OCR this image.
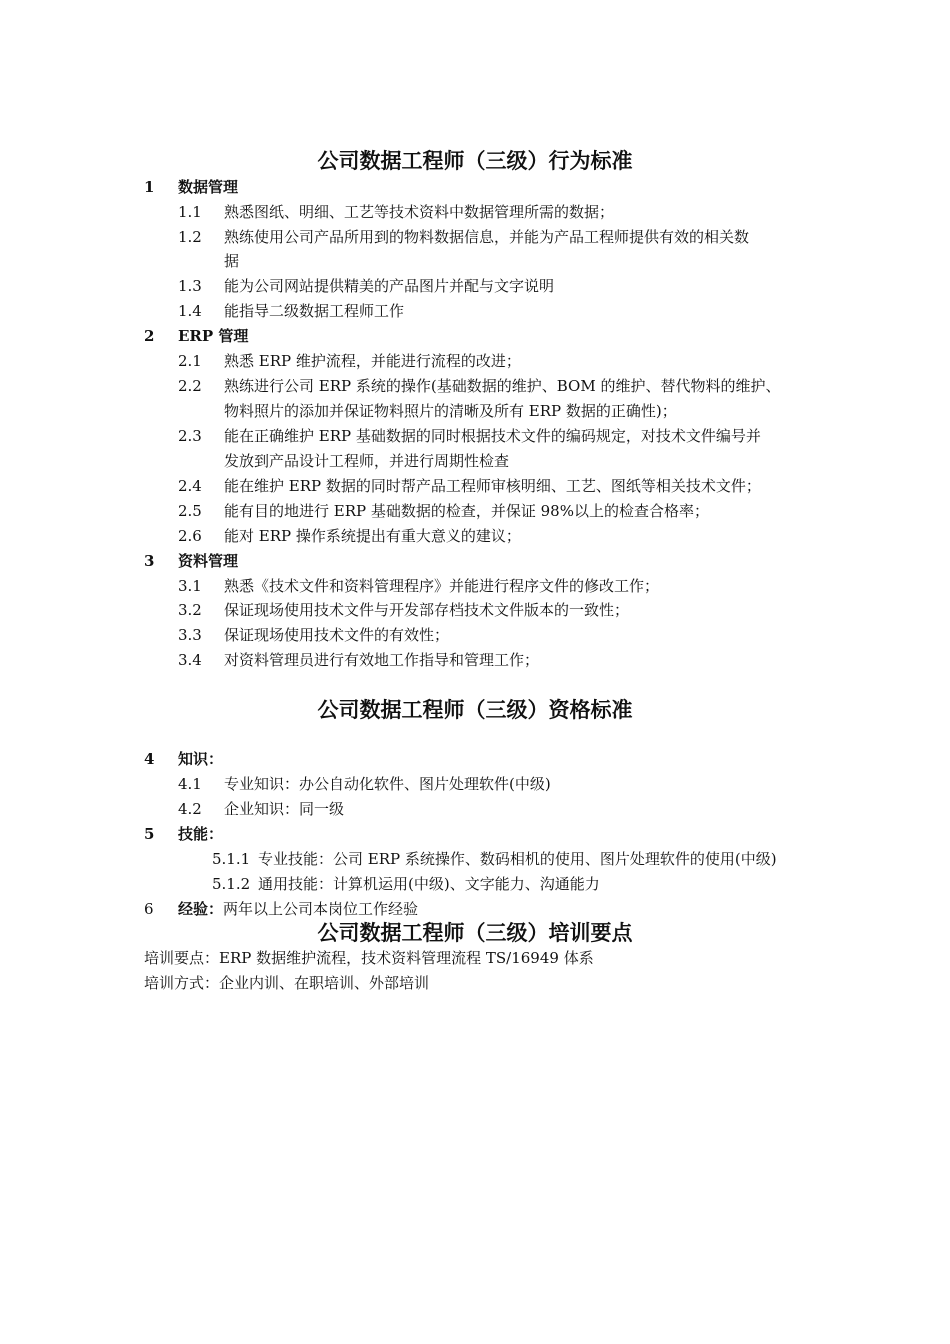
公司数据工程师（三级）行为标准
1 数据管理
1.1 熟悉图纸、明细、工艺等技术资料中数据管理所需的数据；
1.2 熟练使用公司产品所用到的物料数据信息，并能为产品工程师提供有效的相关数
据
1.3 能为公司网站提供精美的产品图片并配与文字说明
1.4 能指导二级数据工程师工作
2 ERP 管理
2.1 熟悉 ERP 维护流程，并能进行流程的改进；
2.2 熟练进行公司 ERP 系统的操作(基础数据的维护、BOM 的维护、替代物料的维护、
物料照片的添加并保证物料照片的清晰及所有 ERP 数据的正确性)；
2.3 能在正确维护 ERP 基础数据的同时根据技术文件的编码规定，对技术文件编号并
发放到产品设计工程师，并进行周期性检查
2.4 能在维护 ERP 数据的同时帮产品工程师审核明细、工艺、图纸等相关技术文件；
2.5 能有目的地进行 ERP 基础数据的检查，并保证 98%以上的检查合格率；
2.6 能对 ERP 操作系统提出有重大意义的建议；
3 资料管理
3.1 熟悉《技术文件和资料管理程序》并能进行程序文件的修改工作；
3.2 保证现场使用技术文件与开发部存档技术文件版本的一致性；
3.3 保证现场使用技术文件的有效性；
3.4 对资料管理员进行有效地工作指导和管理工作；
公司数据工程师（三级）资格标准
4 知识：
4.1 专业知识：办公自动化软件、图片处理软件(中级)
4.2 企业知识：同一级
5 技能：
5.1.1 专业技能：公司 ERP 系统操作、数码相机的使用、图片处理软件的使用(中级)
5.1.2 通用技能：计算机运用(中级)、文字能力、沟通能力
6 经验：两年以上公司本岗位工作经验
公司数据工程师（三级）培训要点
培训要点：ERP 数据维护流程，技术资料管理流程 TS/16949 体系
培训方式：企业内训、在职培训、外部培训
